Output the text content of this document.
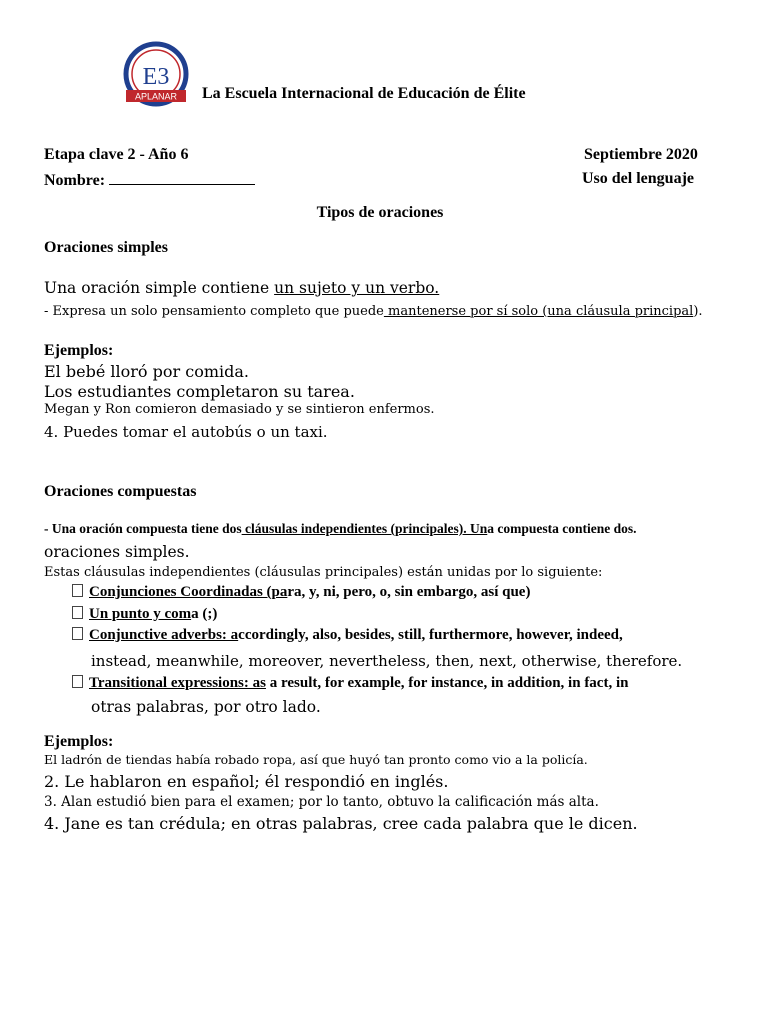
E3
APLANAR La Escuela Internacional de Educación de Élite
Etapa clave 2 - Año 6	Septiembre 2020
Nombre:	Uso del lenguaje
Tipos de oraciones
Oraciones simples
Una oración simple contiene un sujeto y un verbo.
- Expresa un solo pensamiento completo que puede mantenerse por sí solo (una cláusula principal).
Ejemplos:
El bebé lloró por comida.
Los estudiantes completaron su tarea.
Megan y Ron comieron demasiado y se sintieron enfermos.
4. Puedes tomar el autobús o un taxi.
Oraciones compuestas
- Una oración compuesta tiene dos cláusulas independientes (principales). Una compuesta contiene dos.
oraciones simples.
Estas cláusulas independientes (cláusulas principales) están unidas por lo siguiente:
Conjunciones Coordinadas (para, y, ni, pero, o, sin embargo, así que)
Un punto y coma (;)
Conjunctive adverbs: accordingly, also, besides, still, furthermore, however, indeed,
instead, meanwhile, moreover, nevertheless, then, next, otherwise, therefore.
Transitional expressions: as a result, for example, for instance, in addition, in fact, in
otras palabras, por otro lado.
Ejemplos:
El ladrón de tiendas había robado ropa, así que huyó tan pronto como vio a la policía.
2. Le hablaron en español; él respondió en inglés.
3. Alan estudió bien para el examen; por lo tanto, obtuvo la calificación más alta.
4. Jane es tan crédula; en otras palabras, cree cada palabra que le dicen.
